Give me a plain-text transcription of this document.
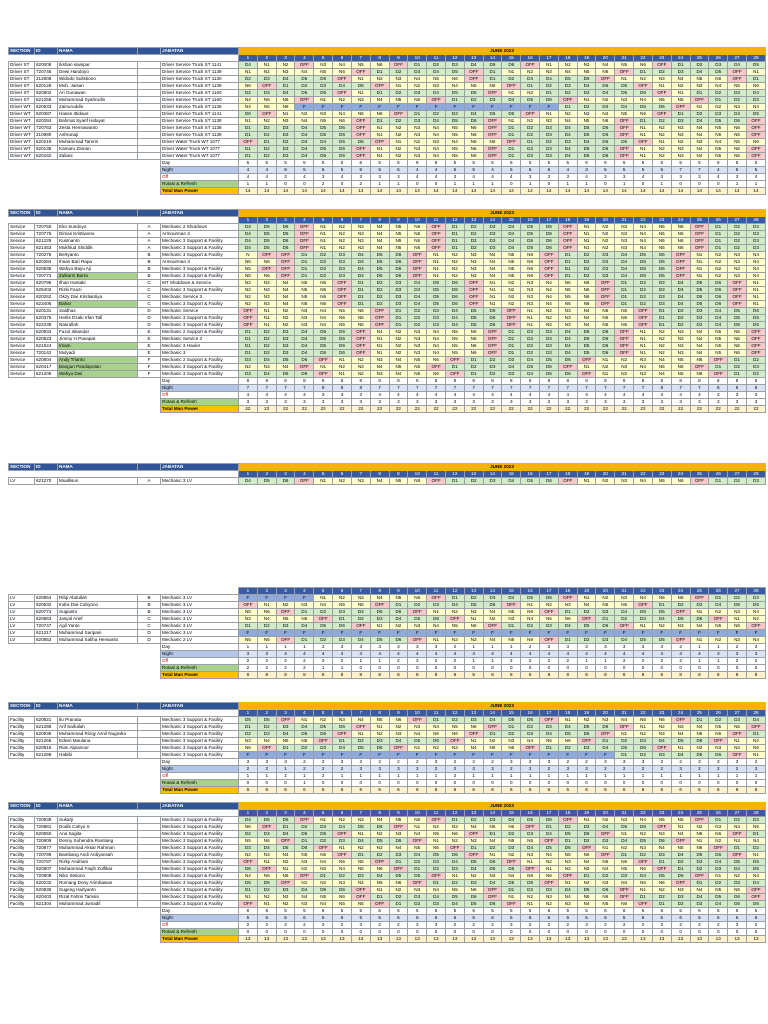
SECTION	ID	NAMA		JABATAN	JUNE 2023																											
					1	2	3	4	5	6	7	8	9	10	11	12	13	14	15	16	17	18	19	20	21	22	23	24	25	26	27	28
Driver ST	620005	Ikshan sianipar		Driver Service Truck ST 1141	D4	N1	N2	OFF	N3	N4	N5	N6	OFF	D1	D2	D3	D4	D5	D6	OFF	N1	N2	N3	N4	N5	N6	OFF	D1	D2	D3	D4	D5
Driver ST	720746	Dewi Handoyo		Driver Service Truck ST 1139	N1	N2	N3	N4	N5	N6	OFF	D1	D2	D3	D4	D5	OFF	D1	N1	N2	N3	N4	N5	N6	OFF	D1	D2	D3	D4	D5	OFF	N1
Driver ST	212908	Widodo Sulistiono		Driver Service Truck ST 1130	D2	D3	D4	D5	D6	OFF	N1	N2	N3	N4	N5	N6	OFF	D1	D2	D3	D4	D5	D6	OFF	N1	N2	N3	N4	N5	N6	OFF	D1
Driver ST	620126	Moh. Jaisan		Driver Service Truck ST 1139	N6	OFF	D1	D2	D3	D4	D5	OFF	N1	N2	N3	N4	N5	N6	OFF	D1	D2	D3	D4	D5	D6	OFF	N1	N2	N3	N4	N5	N6
Driver ST	620802	Ari Gunawan		Driver Service Truck ST 1160	D2	D3	D4	D5	D6	OFF	N1	D1	D2	D3	D4	D5	D6	OFF	N1	N2	D1	D2	D3	D4	D5	D6	OFF	N1	D1	D2	D3	D4
Driver ST	621256	Muhammad Syahrudin		Driver Service Truck ST 1160	N4	N5	N6	OFF	N1	N2	N3	N4	N5	N6	OFF	D1	D2	D3	D4	D5	D6	OFF	N1	N2	N3	N4	N5	N6	OFF	D1	D2	D3
Driver WT	620933	Zainuruddin		Driver Service Truck ST 1138	N4	N5	N6	F	F	F	F	F	F	F	F	F	F	F	F	F	F	D1	D2	D3	D4	D5	D6	OFF	N1	N2	N3	N4
Driver WT	620387	Hasan Ittidaus		Driver Service Truck ST 1141	D6	OFF	N1	N2	N3	N4	N5	N6	OFF	D1	D2	D3	D4	D5	D6	OFF	N1	N2	N3	N4	N5	N6	OFF	D1	D2	D3	D4	D5
Driver WT	620284	Bahmat Syarif Hidayat		Driver Service Truck ST 1138	N1	N2	N3	N4	N5	N6	OFF	D1	D2	D3	D4	D5	D6	OFF	N1	N2	N3	N4	N5	N6	OFF	D1	D2	D3	D4	D5	D6	OFF
Driver WT	720763	Zesta Hermawanto		Driver Service Truck ST 1138	D1	D2	D3	D4	D5	D6	OFF	N1	N2	N3	N4	N5	N6	OFF	D1	D2	D3	D4	D5	D6	OFF	N1	N2	N3	N4	N5	N6	OFF
Driver WT	210980	Ashrunaji		Driver Service Truck ST 1139	D1	D2	D3	D4	D5	D6	OFF	N1	N2	N3	N4	N5	N6	OFF	D1	D2	D3	D4	D5	D6	OFF	N1	N2	N3	N4	N5	N6	OFF
Driver WT	620219	Muhammad Tamrin		Driver Water Truck WT 1077	OFF	D1	D2	D3	D4	D5	D6	OFF	N1	N2	N3	N4	N5	N6	OFF	D1	D2	D3	D4	D5	D6	OFF	N1	N2	N3	N4	N5	N6
Driver WT	620136	Kamaru Zaman		Driver Water Truck WT 1077	D1	D2	D3	D4	D5	D6	OFF	N1	N2	N3	N4	N5	N6	OFF	D1	D2	D3	D4	D5	D6	OFF	N1	N2	N3	N4	N5	N6	OFF
Driver WT	620162	Zaliani		Driver Water Truck WT 1077	D1	D2	D3	D4	D5	D6	OFF	N1	N2	N3	N4	N5	N6	OFF	D1	D2	D3	D4	D5	D6	OFF	N1	N2	N3	N4	N5	N6	OFF
				Day	5	5	5	5	5	5	6	5	5	6	6	5	5	5	5	5	5	5	6	6	5	5	5	5	5	6	5	5
				Night	4	4	6	5	5	5	5	6	5	4	4	5	5	4	5	5	6	4	3	5	5	5	6	7	7	4	5	5
				Off	4	4	3	4	3	4	3	3	3	4	4	3	4	4	4	3	3	3	4	3	3	4	3	3	3	4	3	4
				Rotasi & Refresh	1	1	0	0	2	0	2	1	1	0	0	1	1	1	0	1	0	1	1	0	1	0	1	0	0	0	1	1
				Total Man Power	14	14	14	14	14	14	14	14	14	14	14	14	14	14	14	14	14	14	14	14	14	14	14	14	14	14	14	14
SECTION	ID	NAMA		JABATAN	JUNE 2023																											
					1	2	3	4	5	6	7	8	9	10	11	12	13	14	15	16	17	18	19	20	21	22	23	24	25	26	27	28
Service	720750	Eko Sundoyo	A	Mechanic 2 Shutdown	D4	D5	D6	OFF	N1	N2	N3	N4	N5	N6	OFF	D1	D2	D3	D4	D5	D6	OFF	N1	N2	N3	N4	N5	N6	OFF	D1	D2	D3
Service	720776	Dimas Kristiwono	A	Armourman 3	D4	D5	D6	OFF	N1	N2	N3	N4	N5	N6	OFF	D1	D2	D3	D4	D5	D6	OFF	N1	N2	N3	N4	N5	N6	OFF	D1	D2	D3
Service	621229	Kusmanto	A	Mechanic 3 Support & Facility	D4	D5	D6	OFF	N1	N2	N3	N4	N5	N6	OFF	D1	D2	D3	D4	D5	D6	OFF	N1	N2	N3	N4	N5	N6	OFF	D1	D2	D3
Service	621453	Mukhlud Shiddik	A	Mechanic 3 Support & Facility	D4	D5	D6	OFF	N1	N2	N3	N4	N5	N6	OFF	D1	D2	D3	D4	D5	D6	OFF	N1	N2	N3	N4	N5	N6	OFF	D1	D2	D3
Service	720276	Bertyanto	B	Mechanic 3 Support & Facility	N	OFF	OFF	D1	D2	D3	D4	D5	D6	OFF	N1	N2	N3	N4	N5	N6	OFF	D1	D2	D3	D4	D5	D6	OFF	N1	N2	N3	N4
Service	620284	Ihsan Bari Rapa	B	Armourman 3	N5	N6	OFF	D1	D2	D3	D4	D5	D6	OFF	N1	N2	N3	N4	N5	N6	OFF	D1	D2	D3	D4	D5	D6	OFF	N1	N2	N3	N4
Service	620836	Wahyu Bayu Aji	B	Mechanic 3 Support & Facility	N5	OFF	OFF	D1	D2	D3	D4	D5	D6	OFF	N1	N2	N3	N4	N5	N6	OFF	D1	D2	D3	D4	D5	D6	OFF	N1	N2	N3	N4
Service	720773	Zulkarni Barra	B	Mechanic 3 Support & Facility	N5	N6	OFF	D1	D2	D3	D4	D5	D6	OFF	N1	N2	N3	N4	N5	N6	OFF	D1	D2	D3	D4	D5	D6	OFF	N1	N2	N3	N4
Service	620795	Ilhan Hustaki	C	MT Shutdown & Service	N2	N3	N4	N5	N6	OFF	D1	D2	D3	D4	D5	D6	OFF	N1	N2	N3	N4	N5	N6	OFF	D1	D2	D3	D4	D5	D6	OFF	N1
Service	625402	Rizki Fauzi	C	Mechanic 3 Support & Facility	N2	N3	N4	N5	N6	OFF	D1	D2	D3	D4	D5	D6	OFF	N1	N2	N3	N4	N5	N6	OFF	D1	D2	D3	D4	D5	D6	OFF	N1
Service	620262	Okzy Dwi Kristiantiya	C	Mechanic Service 3	N2	N3	N4	N5	N6	OFF	D1	D2	D3	D4	D5	D6	OFF	N1	N2	N3	N4	N5	N6	OFF	D1	D2	D3	D4	D5	D6	OFF	N1
Service	623406	Bahar	C	Mechanic 3 Support & Facility	N2	N3	N4	N5	N6	OFF	D1	D2	D3	D4	D5	D6	OFF	N1	N2	N3	N4	N5	N6	OFF	D1	D2	D3	D4	D5	D6	OFF	N1
Service	620131	Saldhus	D	Mechanic Service	OFF	N1	N2	N3	N4	N5	N6	OFF	D1	D2	D3	D4	D5	D6	OFF	N1	N2	N3	N4	N5	N6	OFF	D1	D2	D3	D4	D5	D6
Service	620375	Herlis Dzaki Irfan Tafi	D	Mechanic 3 Support & Facility	OFF	N1	N2	N3	N4	N5	N6	OFF	D1	D2	D3	D4	D5	D6	OFF	N1	N2	N3	N4	N5	N6	OFF	D1	D2	D3	D4	D5	D6
Service	622239	Nasrullah	D	Mechanic 3 Support & Facility	OFF	N1	N2	N3	N4	N5	N6	OFF	D1	D2	D3	D4	D5	D6	OFF	N1	N2	N3	N4	N5	N6	OFF	D1	D2	D3	D4	D5	D6
Service	620934	Fuzul Iskandar	E	Mechanic 2 Support & Facility	D1	D2	D3	D4	D5	D6	OFF	N1	N2	N3	N4	N5	N6	OFF	D1	D2	D3	D4	D5	D6	OFF	N1	N2	N3	N4	N5	N6	OFF
Service	620823	Jimmy H Panapat	E	Mechanic Service 3	D1	D2	D3	D4	D5	D6	OFF	N1	N2	N3	N4	N5	N6	OFF	D1	D2	D3	D4	D5	D6	OFF	N1	N2	N3	N4	N5	N6	OFF
Service	621524	Irsam	E	Mechanic 3 Hauler	D1	D2	D3	D4	D5	D6	OFF	N1	N2	N3	N4	N5	N6	OFF	D1	D2	D3	D4	D5	D6	OFF	N1	N2	N3	N4	N5	N6	OFF
Service	720142	Mulyadi	E	Mechanic 3	D1	D2	D3	D4	D5	D6	OFF	N1	N2	N3	N4	N5	N6	OFF	D1	D2	D3	D4	D5	D6	OFF	N1	N2	N3	N4	N5	N6	OFF
Service	620804	Andy Trianto	F	Mechanic 2 Support & Facility	D3	D4	D5	D6	OFF	N1	N2	N3	N4	N5	N6	OFF	D1	D2	D3	D4	D5	D6	OFF	N1	N2	N3	N4	N5	N6	OFF	D1	D2
Service	620417	Bangun Pandapotan	F	Mechanic 3 Support & Facility	N2	N3	N4	OFF	N1	N2	N3	N4	N5	N6	OFF	D1	D2	D3	D4	D5	D6	OFF	N1	N2	N3	N4	N5	N6	OFF	D1	D2	D3
Service	621206	Wahyu Dwi	F	Mechanic 3 Support & Facility	D3	D4	D5	D6	OFF	N1	N2	N3	N4	N5	N6	OFF	D1	D2	D3	D4	D5	D6	OFF	N1	N2	N3	N4	N5	N6	OFF	D1	D2
				Day	8	8	8	8	8	8	8	8	8	8	8	8	8	8	8	8	8	8	8	8	8	8	8	8	8	8	8	8
				Night	7	7	7	7	8	8	8	7	7	7	7	7	7	7	7	7	7	7	7	7	7	7	8	7	7	8	8	8
				Off	4	4	4	4	3	3	3	4	4	4	4	4	4	4	4	4	4	4	4	4	4	4	3	4	4	3	3	3
				Rotasi & Refresh	3	3	3	3	3	3	3	3	3	3	3	3	3	3	3	3	3	3	3	3	3	3	3	3	3	3	3	3
				Total Man Power	22	22	22	22	22	22	22	22	22	22	22	22	22	22	22	22	22	22	22	22	22	22	22	22	22	22	22	22
SECTION	ID	NAMA		JABATAN	JUNE 2023																											
					1	2	3	4	5	6	7	8	9	10	11	12	13	14	15	16	17	18	19	20	21	22	23	24	25	26	27	28
LV	621270	Muallisun	A	Mechanic 3 LV	D4	D5	D6	OFF	N1	N2	N3	N4	N5	N6	OFF	D1	D2	D3	D4	D5	D6	OFF	N1	N2	N3	N4	N5	N6	OFF	D1	D2	D3
					1	2	3	4	5	6	7	8	9	10	11	12	13	14	15	16	17	18	19	20	21	22	23	24	25	26	27	28
LV	620854	Rifqi Abdullah	B	Mechanic 3 LV	F	F	F	F	N1	N2	N3	N4	N5	N6	OFF	D1	D2	D3	D4	D5	D6	OFF	N1	N2	N3	N4	N5	N6	OFF	D1	D2	D3
LV	620632	Indra Dwi Cahyono	B	Mechanic 3 LV	OFF	N1	N2	N3	N4	N5	N6	OFF	D1	D2	D3	D4	D5	D6	OFF	N1	N2	N3	N4	N5	N6	OFF	D1	D2	D3	D4	D5	D6
LV	620774	Sugianto	B	Mechanic 3 LV	N5	N6	OFF	D1	D2	D3	D4	D5	D6	OFF	N1	N2	N3	N4	N5	N6	OFF	D1	D2	D3	D4	D5	D6	OFF	N1	N2	N3	N4
LV	620853	Jasyal Arief	C	Mechanic 3 LV	N3	N4	N5	N6	OFF	D1	D2	D3	D4	D5	D6	OFF	N1	N2	N3	N4	N5	N6	OFF	D1	D2	D3	D4	D5	D6	OFF	N1	N2
LV	720747	Agil Yanto	C	Mechanic 3 LV	D1	D2	D3	D4	D5	D6	OFF	N1	N2	N3	N4	N5	N6	OFF	D1	D2	D3	D4	D5	D6	OFF	N1	N2	N3	N4	N5	N6	OFF
LV	621217	Muhammad Saripani	D	Mechanic 3 LV	F	F	F	F	F	F	F	F	F	F	F	F	F	F	F	F	F	F	F	F	F	F	F	F	F	F	F	F
LV	620852	Muhammad Saliha Herwanto	D	Mechanic 2 LV	N5	N6	OFF	D1	D2	D3	D4	D5	D6	OFF	N1	N2	N3	N4	N5	N6	OFF	D1	D2	D3	D4	D5	D6	OFF	N1	N2	N3	N4
				Day	1	1	1	1	2	3	3	3	3	3	3	2	1	1	1	2	3	3	3	3	3	3	3	2	1	1	2	2
				Night	3	3	4	4	4	4	4	4	4	4	4	4	4	4	4	4	4	4	4	4	4	4	4	4	4	3	3	3
				Off	2	2	2	2	2	2	1	1	2	2	2	2	1	1	2	2	2	2	1	1	2	2	2	2	1	1	2	2
				Rotasi & Refresh	2	2	2	2	1	1	0	0	0	0	0	0	0	0	0	0	0	0	0	0	0	0	0	0	0	0	0	0
				Total Man Power	8	8	8	8	8	8	8	8	8	8	8	8	8	8	8	8	8	8	8	8	8	8	8	8	8	8	8	8
SECTION	ID	NAMA		JABATAN	JUNE 2023																											
					1	2	3	4	5	6	7	8	9	10	11	12	13	14	15	16	17	18	19	20	21	22	23	24	25	26	27	28
Facility	620621	Ilo Pranata		Mechanic 3 Support & Facility	D5	D6	OFF	N1	N2	N3	N4	N5	N6	OFF	D1	D2	D3	D4	D5	D6	OFF	N1	N2	N3	N4	N5	N6	OFF	D1	D2	D3	D4
Facility	621288	Arif Saifullah		Mechanic 3 Support & Facility	D1	D2	D3	D4	D5	D6	OFF	N1	N2	N3	N4	N5	N6	OFF	D1	D2	D3	D4	D5	D6	OFF	N1	N2	N3	N4	N5	N6	OFF
Facility	620936	Muhammad Rizqy Aznil Nugraha		Mechanic 3 Support & Facility	D2	D3	D4	D5	D6	OFF	N1	N2	N3	N4	N5	N6	OFF	D1	D2	D3	D4	D5	D6	OFF	N1	N2	N3	N4	N5	N6	OFF	D1
Facility	621266	Edwin Maulana		Mechanic 3 Support & Facility	N3	N4	N5	N6	OFF	D1	D2	D3	D4	D5	D6	OFF	N1	N2	N3	N4	N5	N6	OFF	D1	D2	D3	D4	D5	D6	OFF	N1	N2
Facility	620916	Rian Alpianoor		Mechanic 3 Support & Facility	N6	OFF	D1	D2	D3	D4	D5	D6	OFF	N1	N2	N3	N4	N5	N6	OFF	D1	D2	D3	D4	D5	D6	OFF	N1	N2	N3	N4	N5
Facility	621289	Habibi		Mechanic 3 Support & Facility	F	F	F	F	F	F	F	F	F	F	F	F	F	F	F	F	F	F	F	F	D1	D2	D3	D4	D5	D6	OFF	N1
				Day	3	3	3	2	2	3	3	2	2	2	3	2	2	2	3	3	3	2	2	3	3	3	3	2	3	3	3	2
				Night	2	2	1	2	2	2	3	3	3	3	2	2	3	3	2	2	2	3	3	2	2	2	2	3	2	2	2	3
				Off	1	1	2	1	2	1	1	1	1	1	1	2	1	1	1	1	1	1	1	1	1	1	1	1	1	1	1	1
				Rotasi & Refresh	0	0	0	1	0	0	0	0	0	0	0	0	0	0	0	0	0	0	0	0	0	0	0	0	0	0	0	0
				Total Man Power	6	6	6	6	6	6	6	6	6	6	6	6	6	6	6	6	6	6	6	6	6	6	6	6	6	6	6	6
SECTION	ID	NAMA		JABATAN	JUNE 2023																											
					1	2	3	4	5	6	7	8	9	10	11	12	13	14	15	16	17	18	19	20	21	22	23	24	25	26	27	28
Facility	720939	Sukarji		Mechanic 2 Support & Facility	D4	D5	D6	OFF	N1	N2	N3	N4	N5	N6	OFF	D1	D2	D3	D4	D5	D6	OFF	N1	N2	N3	N4	N5	N6	OFF	D1	D2	D3
Facility	720881	Dodik Cahyo S		Mechanic 3 Support & Facility	N6	OFF	D1	D2	D3	D4	D5	D6	OFF	N1	N2	N3	N4	N5	N6	OFF	D1	D2	D3	D4	D5	D6	OFF	N1	N2	N3	N4	N5
Facility	620650	Ana Sagita		Mechanic 3 Support & Facility	D2	D3	D4	D5	D6	OFF	N1	N2	N3	N4	N5	N6	OFF	D1	D2	D3	D4	D5	D6	OFF	N1	N2	N3	N4	N5	N6	OFF	D1
Facility	720809	Denny Suhendra Ramlang		Mechanic 3 Support & Facility	N5	N6	OFF	D1	D2	D3	D4	D5	D6	OFF	N1	N2	N3	N4	N5	N6	OFF	D1	D2	D3	D4	D5	D6	OFF	N1	N2	N3	N4
Facility	720877	Muhammad Aksar Rahman		Mechanic 3 Support & Facility	D3	D4	D5	D6	OFF	N1	N2	N3	N4	N5	N6	OFF	D1	D2	D3	D4	D5	D6	OFF	N1	N2	N3	N4	N5	N6	OFF	D1	D2
Facility	720789	Bambang Andi Ardiyansah		Mechanic 3 Support & Facility	N2	N3	N4	N5	N6	OFF	D1	D2	D3	D4	D5	D6	OFF	N1	N2	N3	N4	N5	N6	OFF	D1	D2	D3	D4	D5	D6	OFF	N1
Facility	720787	Rizky Andriani		Mechanic 3 Support & Facility	OFF	N1	N2	N3	N4	N5	N6	OFF	D1	D2	D3	D4	D5	D6	OFF	N1	N2	N3	N4	N5	N6	OFF	D1	D2	D3	D4	D5	D6
Facility	620807	Muhammad Faqih Zulfikar		Mechanic 3 Support & Facility	D6	OFF	N1	N2	N3	N4	N5	N6	OFF	D1	D2	D3	D4	D5	D6	OFF	N1	N2	N3	N4	N5	N6	OFF	D1	D2	D3	D4	D5
Facility	720808	Niko Setiono		Mechanic 3 Support & Facility	N4	N5	N6	OFF	D1	D2	D3	D4	D5	D6	OFF	N1	N2	N3	N4	N5	N6	OFF	D1	D2	D3	D4	D5	D6	OFF	N1	N2	N3
Facility	620232	Romang Dony Arimbawan		Mechanic 3 Support & Facility	D5	D6	OFF	N1	N2	N3	N4	N5	N6	OFF	D1	D2	D3	D4	D5	D6	OFF	N1	N2	N3	N4	N5	N6	OFF	D1	D2	D3	D4
Facility	620836	Sugeng Harlyanto		Mechanic 3 Support & Facility	D1	D2	D3	D4	D5	D6	OFF	N1	N2	N3	N4	N5	N6	OFF	D1	D2	D3	D4	D5	D6	OFF	N1	N2	N3	N4	N5	N6	OFF
Facility	620403	Rizal Fahmi Tamsis		Mechanic 3 Support & Facility	N1	N2	N3	N4	N5	N6	OFF	D1	D2	D3	D4	D5	D6	OFF	N1	N2	N3	N4	N5	N6	OFF	D1	D2	D3	D4	D5	D6	OFF
Facility	621304	Muhammad Jumadil		Mechanic 3 Support & Facility	OFF	N1	N2	N3	N4	N5	N6	OFF	D1	D2	D3	D4	D5	D6	OFF	N1	N2	N3	N4	N5	N6	OFF	D1	D2	D3	D4	D5	D6
				Day	6	5	5	5	6	5	5	5	6	5	5	5	6	5	5	5	6	5	5	5	6	5	5	5	6	5	5	5
				Night	5	6	5	6	5	6	5	6	5	6	5	6	5	6	5	6	5	6	5	6	5	6	5	6	5	6	5	6
				Off	2	2	3	2	2	2	3	2	2	2	3	2	2	2	3	2	2	2	3	2	2	2	3	2	2	2	3	2
				Rotasi & Refresh	0	0	0	0	0	0	0	0	0	0	0	0	0	0	0	0	0	0	0	0	0	0	0	0	0	0	0	0
				Total Man Power	13	13	13	13	13	13	13	13	13	13	13	13	13	13	13	13	13	13	13	13	13	13	13	13	13	13	13	13
